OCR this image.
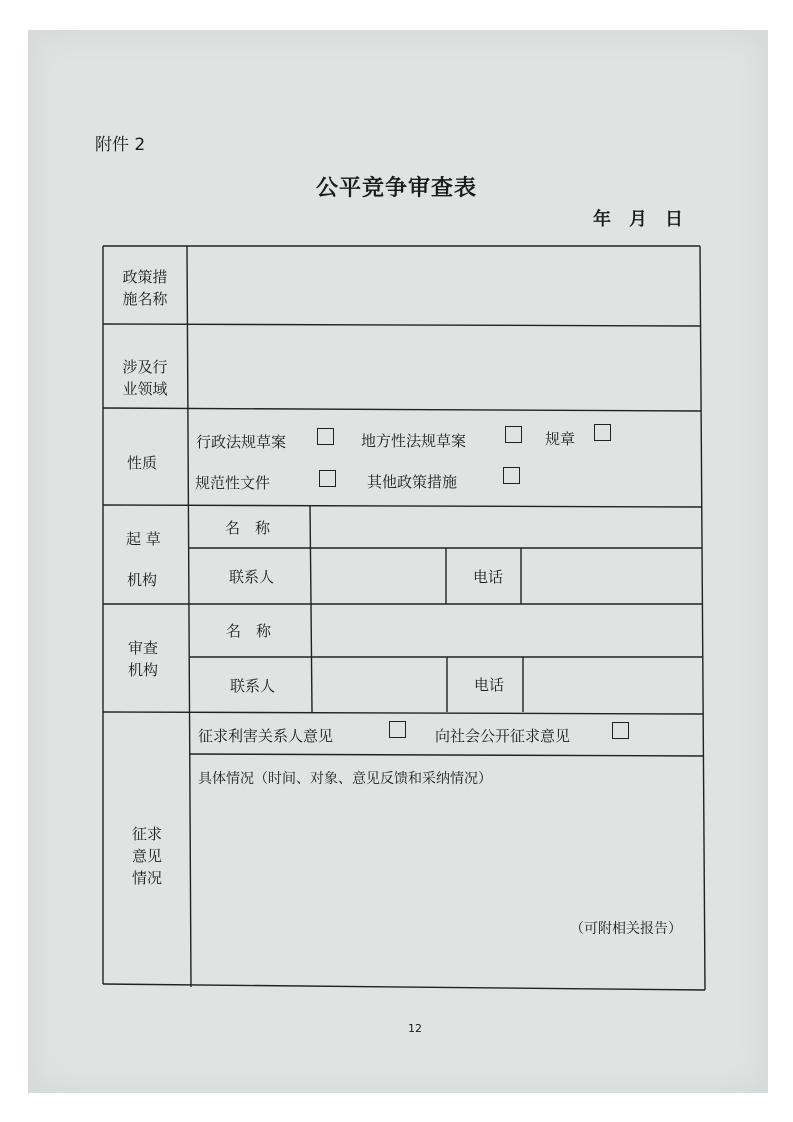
附件 2
公平竞争审查表
年　月　日
政策措施名称
涉及行业领域
性质
行政法规草案	地方性法规草案	规章
规范性文件	其他政策措施
起 草
机构
名　称
联系人	电话
审查机构
名　称
联系人	电话
征求意见情况
征求利害关系人意见	向社会公开征求意见
具体情况（时间、对象、意见反馈和采纳情况）
（可附相关报告）
12
